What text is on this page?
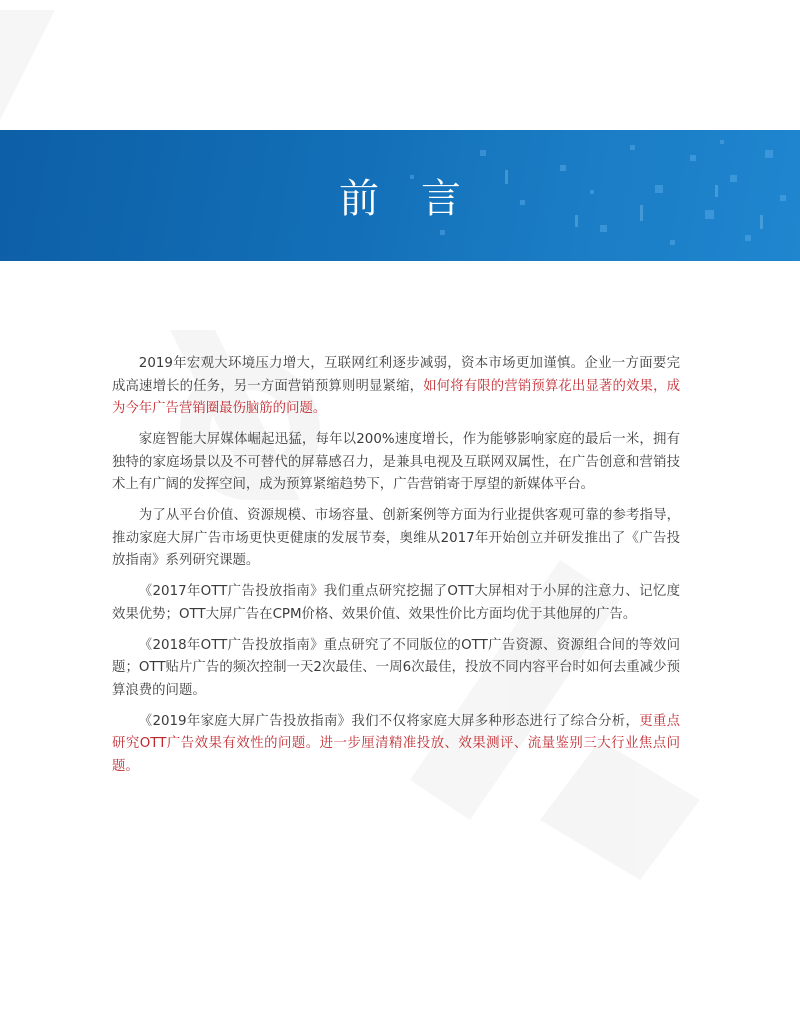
前言

2019年宏观大环境压力增大，互联网红利逐步减弱，资本市场更加谨慎。企业一方面要完成高速增长的任务，另一方面营销预算则明显紧缩，如何将有限的营销预算花出显著的效果，成为今年广告营销圈最伤脑筋的问题。

家庭智能大屏媒体崛起迅猛，每年以200%速度增长，作为能够影响家庭的最后一米，拥有独特的家庭场景以及不可替代的屏幕感召力，是兼具电视及互联网双属性，在广告创意和营销技术上有广阔的发挥空间，成为预算紧缩趋势下，广告营销寄于厚望的新媒体平台。

为了从平台价值、资源规模、市场容量、创新案例等方面为行业提供客观可靠的参考指导，推动家庭大屏广告市场更快更健康的发展节奏，奥维从2017年开始创立并研发推出了《广告投放指南》系列研究课题。

《2017年OTT广告投放指南》我们重点研究挖掘了OTT大屏相对于小屏的注意力、记忆度效果优势；OTT大屏广告在CPM价格、效果价值、效果性价比方面均优于其他屏的广告。

《2018年OTT广告投放指南》重点研究了不同版位的OTT广告资源、资源组合间的等效问题；OTT贴片广告的频次控制一天2次最佳、一周6次最佳，投放不同内容平台时如何去重减少预算浪费的问题。

《2019年家庭大屏广告投放指南》我们不仅将家庭大屏多种形态进行了综合分析，更重点研究OTT广告效果有效性的问题。进一步厘清精准投放、效果测评、流量鉴别三大行业焦点问题。
